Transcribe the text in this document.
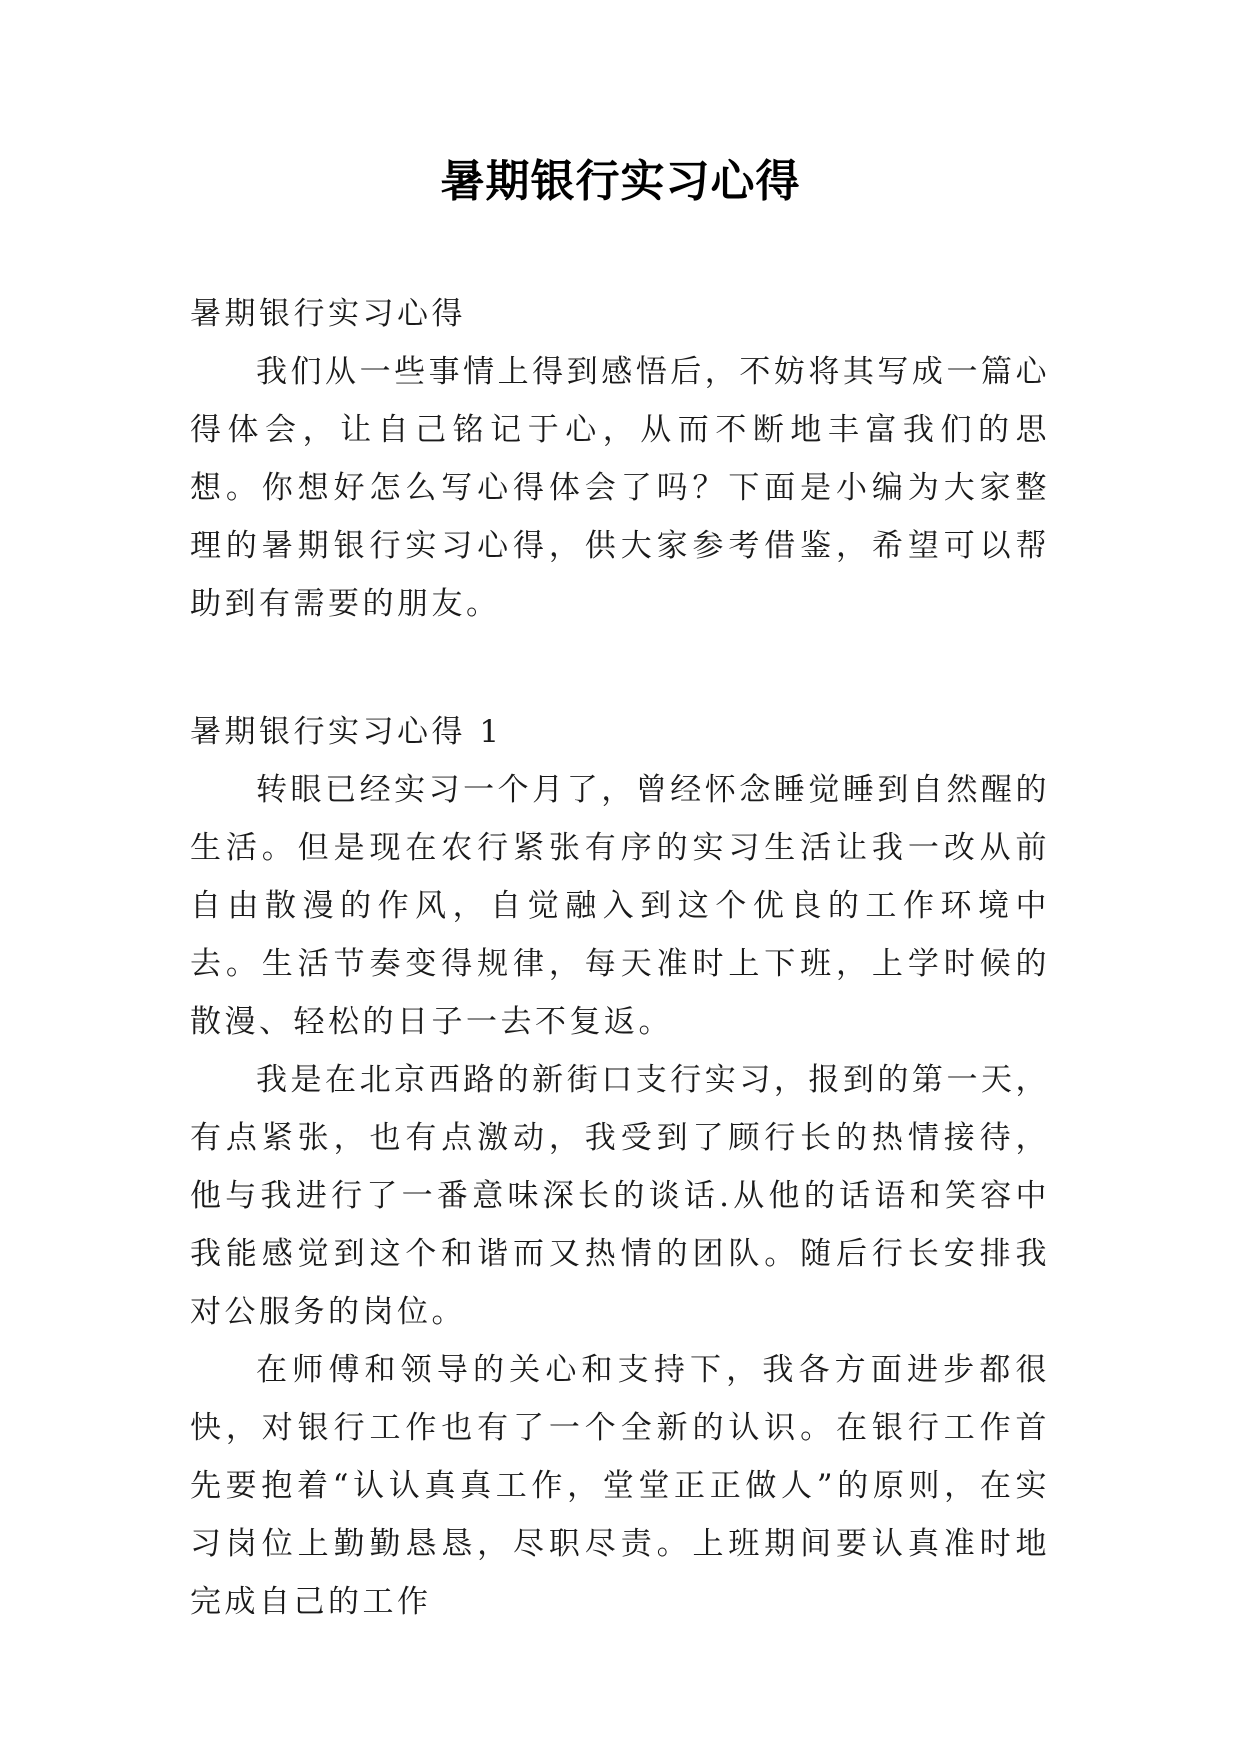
暑期银行实习心得

暑期银行实习心得

我们从一些事情上得到感悟后，不妨将其写成一篇心得体会，让自己铭记于心，从而不断地丰富我们的思想。你想好怎么写心得体会了吗？下面是小编为大家整理的暑期银行实习心得，供大家参考借鉴，希望可以帮助到有需要的朋友。

暑期银行实习心得 1

转眼已经实习一个月了，曾经怀念睡觉睡到自然醒的生活。但是现在农行紧张有序的实习生活让我一改从前自由散漫的作风，自觉融入到这个优良的工作环境中去。生活节奏变得规律，每天准时上下班，上学时候的散漫、轻松的日子一去不复返。

我是在北京西路的新街口支行实习，报到的第一天，有点紧张，也有点激动，我受到了顾行长的热情接待，他与我进行了一番意味深长的谈话.从他的话语和笑容中我能感觉到这个和谐而又热情的团队。随后行长安排我对公服务的岗位。

在师傅和领导的关心和支持下，我各方面进步都很快，对银行工作也有了一个全新的认识。在银行工作首先要抱着“认认真真工作，堂堂正正做人”的原则，在实习岗位上勤勤恳恳，尽职尽责。上班期间要认真准时地完成自己的工作
